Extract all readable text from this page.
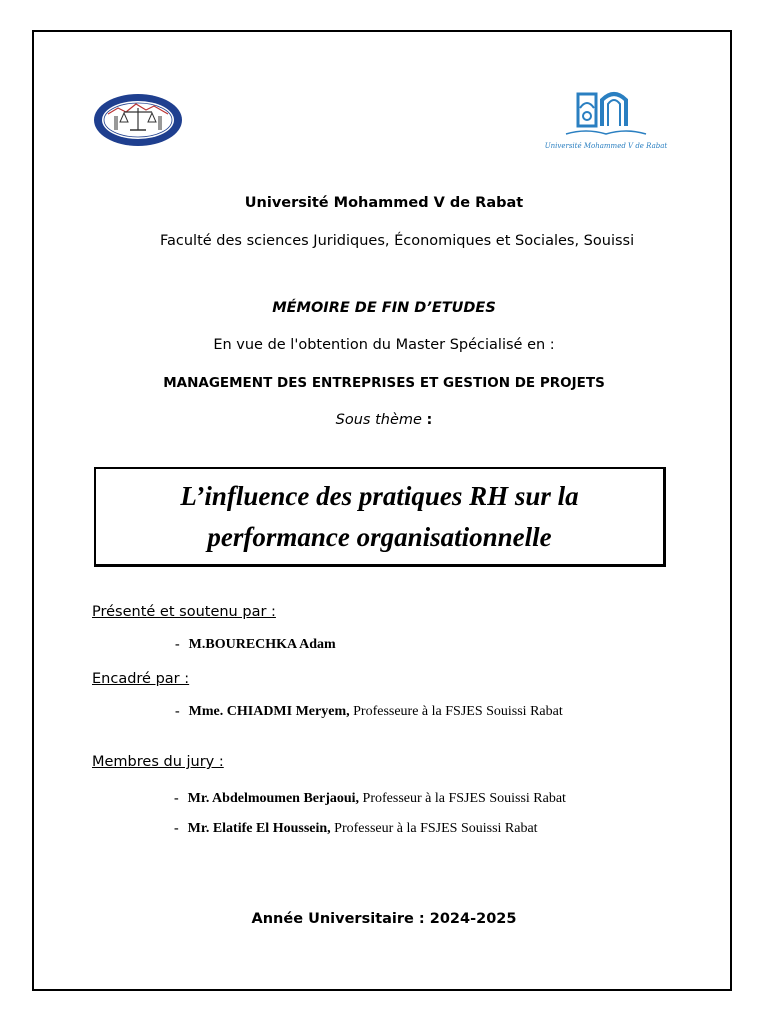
Université Mohammed V de Rabat
Université Mohammed V de Rabat
Faculté des sciences Juridiques, Économiques et Sociales, Souissi
MÉMOIRE DE FIN D’ETUDES
En vue de l'obtention du Master Spécialisé en :
MANAGEMENT DES ENTREPRISES ET GESTION DE PROJETS
Sous thème :
L’influence des pratiques RH sur la
performance organisationnelle
Présenté et soutenu par :
- M.BOURECHKA Adam
Encadré par :
- Mme. CHIADMI Meryem, Professeure à la FSJES Souissi Rabat
Membres du jury :
- Mr. Abdelmoumen Berjaoui, Professeur à la FSJES Souissi Rabat
- Mr. Elatife El Houssein, Professeur à la FSJES Souissi Rabat
Année Universitaire : 2024-2025
